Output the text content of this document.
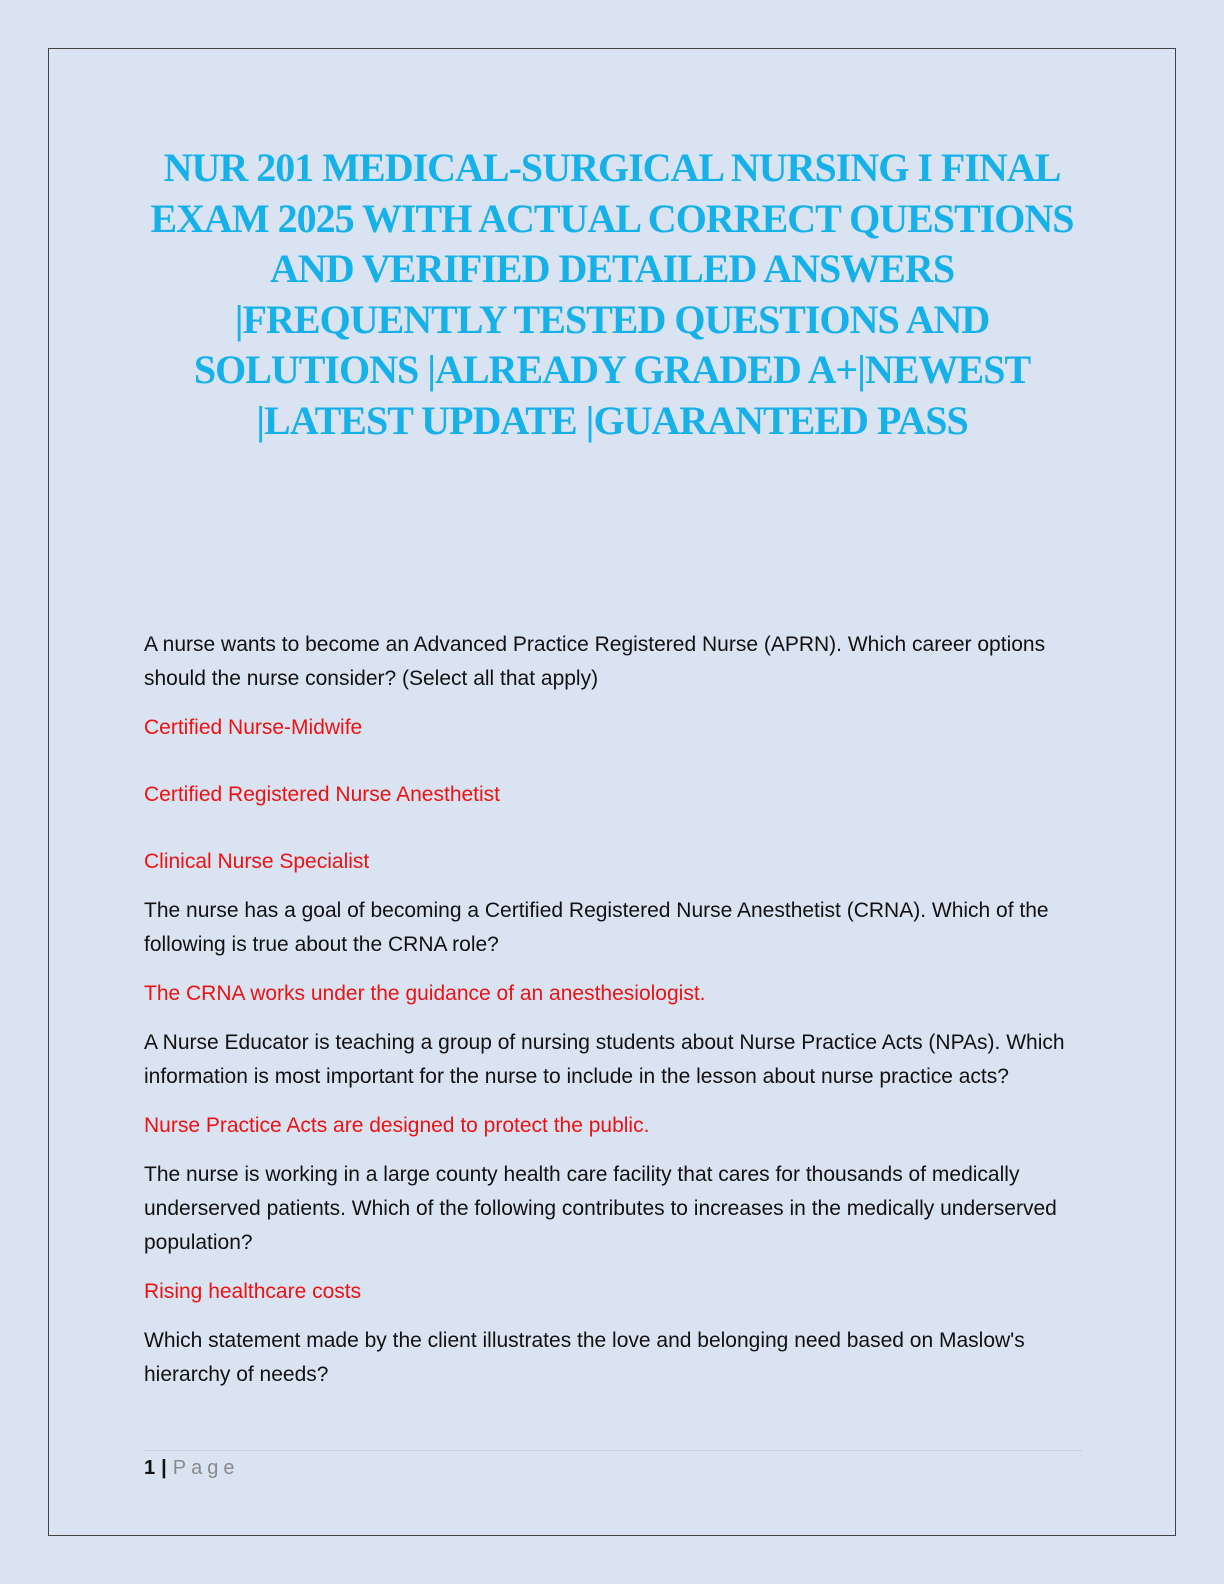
NUR 201 MEDICAL-SURGICAL NURSING I FINAL EXAM 2025 WITH ACTUAL CORRECT QUESTIONS AND VERIFIED DETAILED ANSWERS |FREQUENTLY TESTED QUESTIONS AND SOLUTIONS |ALREADY GRADED A+|NEWEST |LATEST UPDATE |GUARANTEED PASS

A nurse wants to become an Advanced Practice Registered Nurse (APRN). Which career options should the nurse consider? (Select all that apply)

Certified Nurse-Midwife

Certified Registered Nurse Anesthetist

Clinical Nurse Specialist

The nurse has a goal of becoming a Certified Registered Nurse Anesthetist (CRNA). Which of the following is true about the CRNA role?

The CRNA works under the guidance of an anesthesiologist.

A Nurse Educator is teaching a group of nursing students about Nurse Practice Acts (NPAs). Which information is most important for the nurse to include in the lesson about nurse practice acts?

Nurse Practice Acts are designed to protect the public.

The nurse is working in a large county health care facility that cares for thousands of medically underserved patients. Which of the following contributes to increases in the medically underserved population?

Rising healthcare costs

Which statement made by the client illustrates the love and belonging need based on Maslow's hierarchy of needs?

1 | Page
